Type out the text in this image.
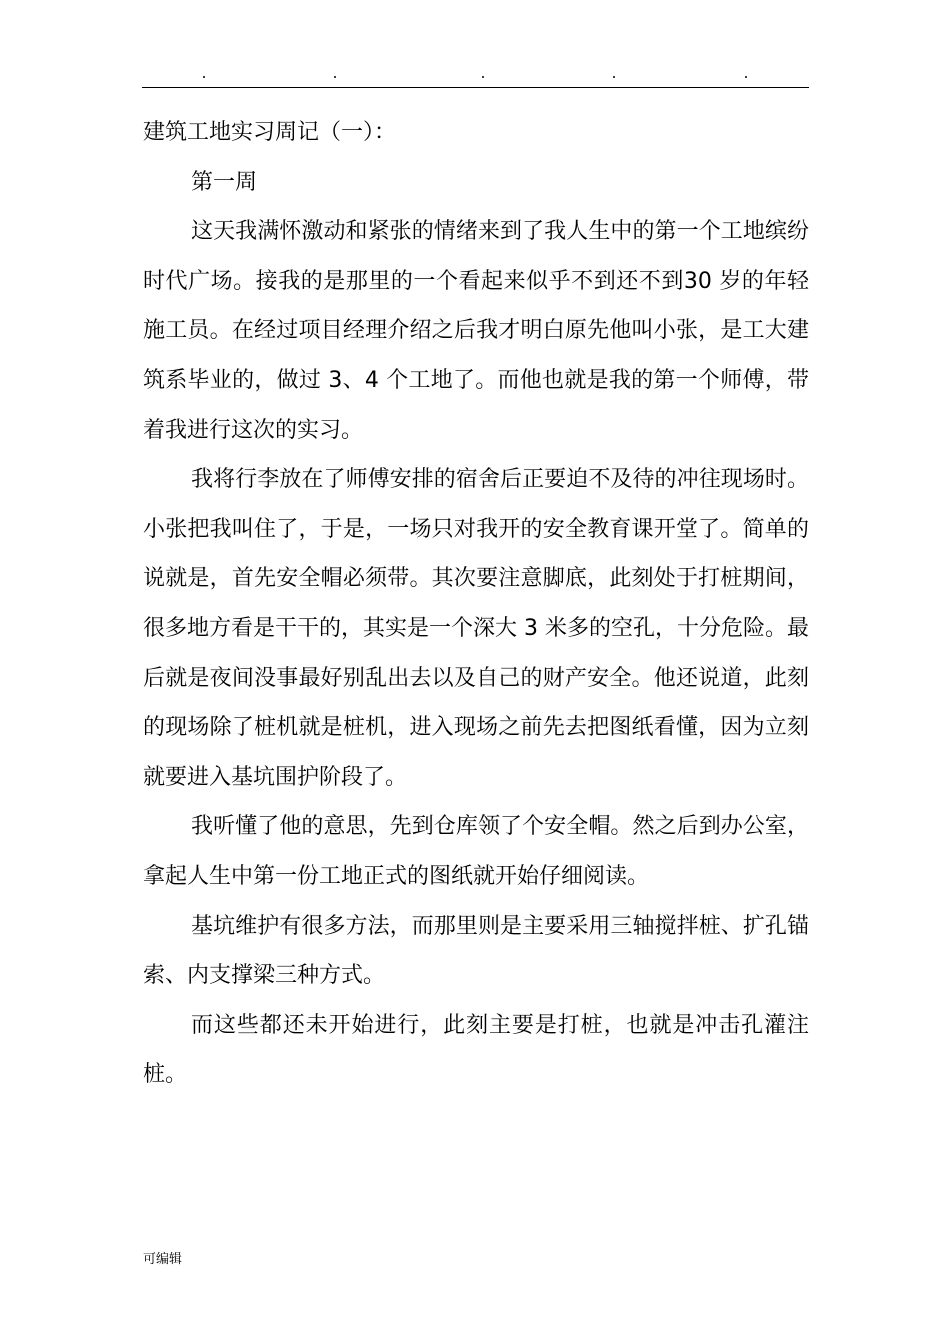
建筑工地实习周记（一）：

第一周

这天我满怀激动和紧张的情绪来到了我人生中的第一个工地缤纷时代广场。接我的是那里的一个看起来似乎不到还不到30 岁的年轻施工员。在经过项目经理介绍之后我才明白原先他叫小张，是工大建筑系毕业的，做过 3、4 个工地了。而他也就是我的第一个师傅，带着我进行这次的实习。

我将行李放在了师傅安排的宿舍后正要迫不及待的冲往现场时。小张把我叫住了，于是，一场只对我开的安全教育课开堂了。简单的说就是，首先安全帽必须带。其次要注意脚底，此刻处于打桩期间，很多地方看是干干的，其实是一个深大 3 米多的空孔，十分危险。最后就是夜间没事最好别乱出去以及自己的财产安全。他还说道，此刻的现场除了桩机就是桩机，进入现场之前先去把图纸看懂，因为立刻就要进入基坑围护阶段了。

我听懂了他的意思，先到仓库领了个安全帽。然之后到办公室，拿起人生中第一份工地正式的图纸就开始仔细阅读。

基坑维护有很多方法，而那里则是主要采用三轴搅拌桩、扩孔锚索、内支撑梁三种方式。

而这些都还未开始进行，此刻主要是打桩，也就是冲击孔灌注桩。

可编辑
